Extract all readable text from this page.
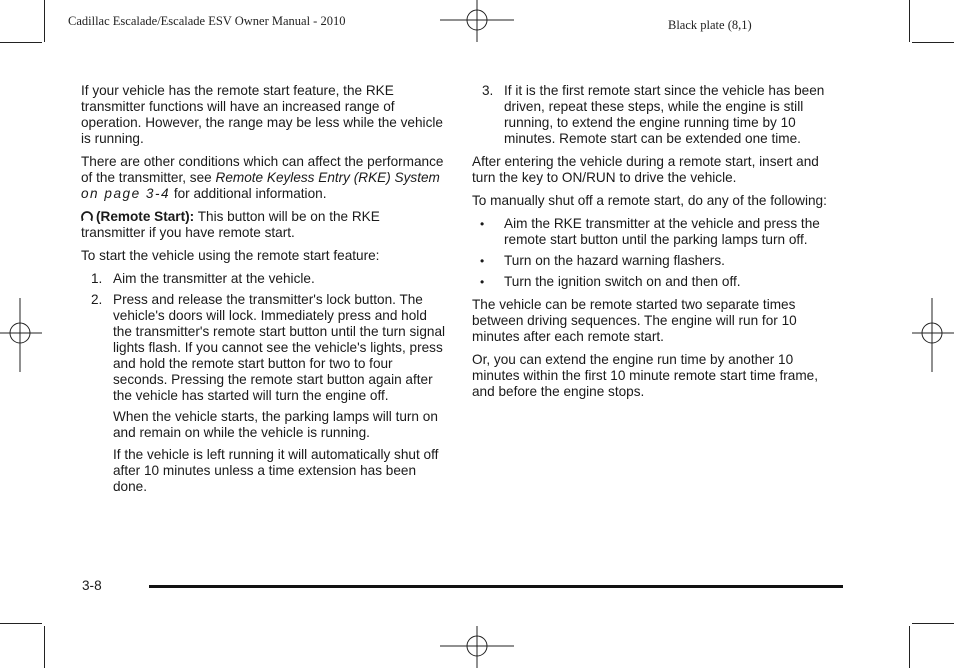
Cadillac Escalade/Escalade ESV Owner Manual - 2010	Black plate (8,1)

If your vehicle has the remote start feature, the RKE transmitter functions will have an increased range of operation. However, the range may be less while the vehicle is running.

There are other conditions which can affect the performance of the transmitter, see Remote Keyless Entry (RKE) System on page 3-4 for additional information.

(Remote Start): This button will be on the RKE transmitter if you have remote start.

To start the vehicle using the remote start feature:

1. Aim the transmitter at the vehicle.
2. Press and release the transmitter's lock button. The vehicle's doors will lock. Immediately press and hold the transmitter's remote start button until the turn signal lights flash. If you cannot see the vehicle's lights, press and hold the remote start button for two to four seconds. Pressing the remote start button again after the vehicle has started will turn the engine off.

When the vehicle starts, the parking lamps will turn on and remain on while the vehicle is running.

If the vehicle is left running it will automatically shut off after 10 minutes unless a time extension has been done.

3. If it is the first remote start since the vehicle has been driven, repeat these steps, while the engine is still running, to extend the engine running time by 10 minutes. Remote start can be extended one time.

After entering the vehicle during a remote start, insert and turn the key to ON/RUN to drive the vehicle.

To manually shut off a remote start, do any of the following:

•	Aim the RKE transmitter at the vehicle and press the remote start button until the parking lamps turn off.
•	Turn on the hazard warning flashers.
•	Turn the ignition switch on and then off.

The vehicle can be remote started two separate times between driving sequences. The engine will run for 10 minutes after each remote start.

Or, you can extend the engine run time by another 10 minutes within the first 10 minute remote start time frame, and before the engine stops.

3-8
